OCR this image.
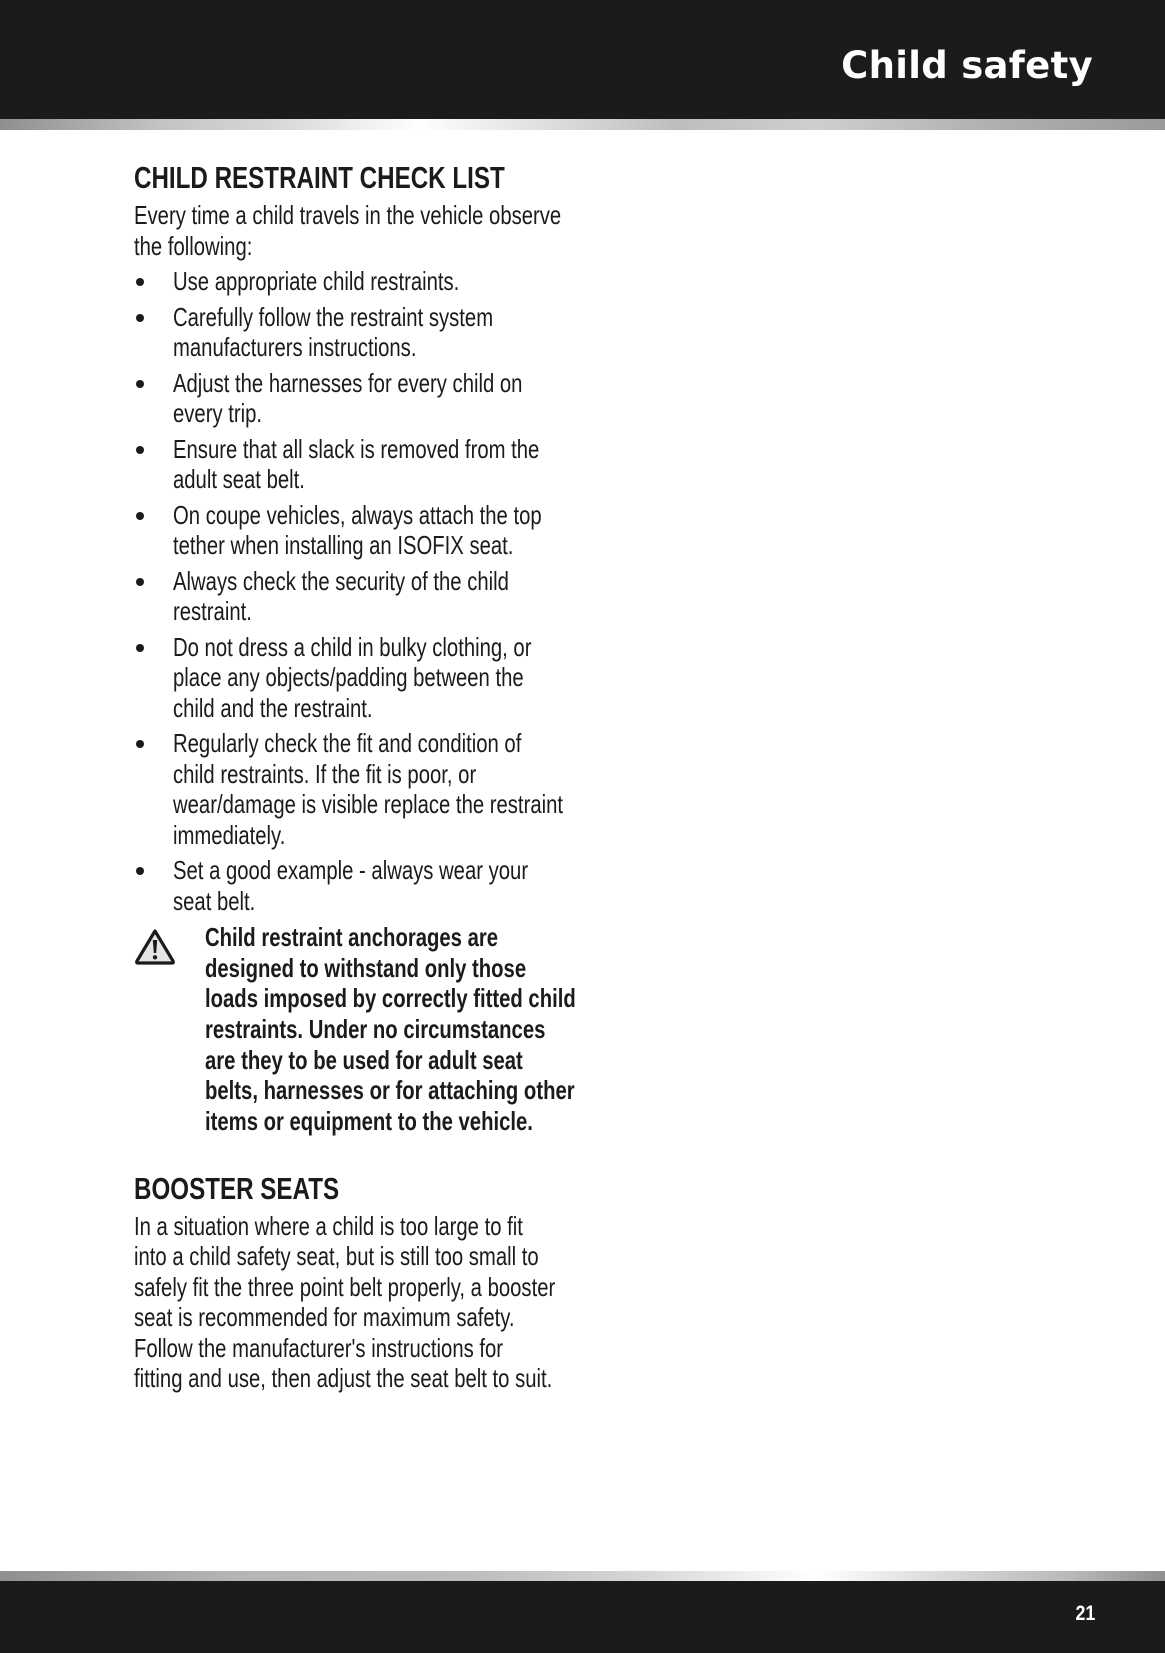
Child safety
CHILD RESTRAINT CHECK LIST
Every time a child travels in the vehicle observe
the following:
Use appropriate child restraints.
Carefully follow the restraint system
manufacturers instructions.
Adjust the harnesses for every child on
every trip.
Ensure that all slack is removed from the
adult seat belt.
On coupe vehicles, always attach the top
tether when installing an ISOFIX seat.
Always check the security of the child
restraint.
Do not dress a child in bulky clothing, or
place any objects/padding between the
child and the restraint.
Regularly check the fit and condition of
child restraints. If the fit is poor, or
wear/damage is visible replace the restraint
immediately.
Set a good example - always wear your
seat belt.
Child restraint anchorages are
designed to withstand only those
loads imposed by correctly fitted child
restraints. Under no circumstances
are they to be used for adult seat
belts, harnesses or for attaching other
items or equipment to the vehicle.
BOOSTER SEATS
In a situation where a child is too large to fit
into a child safety seat, but is still too small to
safely fit the three point belt properly, a booster
seat is recommended for maximum safety.
Follow the manufacturer's instructions for
fitting and use, then adjust the seat belt to suit.
21
